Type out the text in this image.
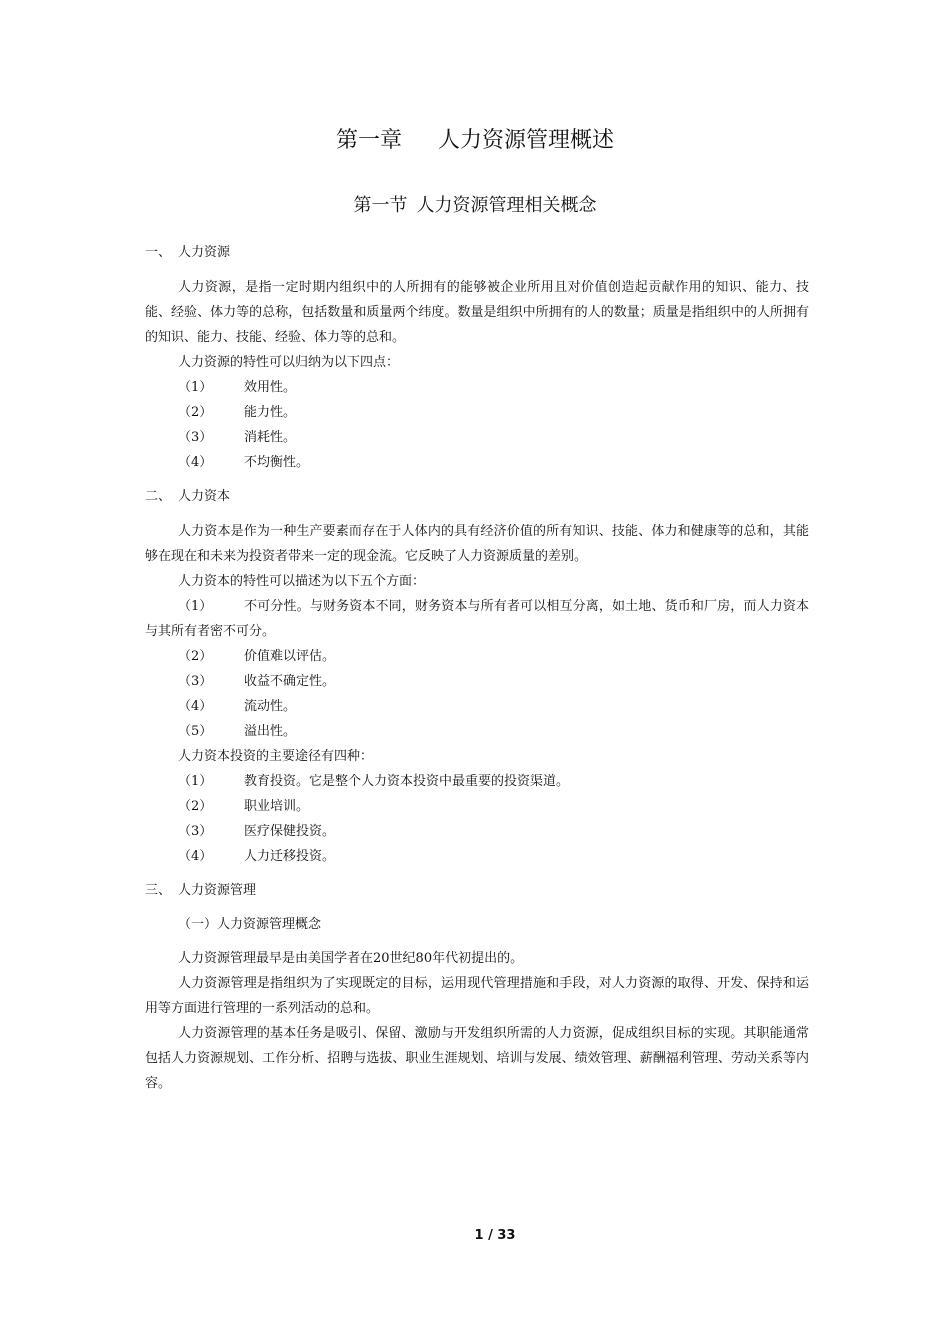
第一章 人力资源管理概述
第一节 人力资源管理相关概念

一、 人力资源

人力资源，是指一定时期内组织中的人所拥有的能够被企业所用且对价值创造起贡献作用的知识、能力、技能、经验、体力等的总称，包括数量和质量两个纬度。数量是组织中所拥有的人的数量；质量是指组织中的人所拥有的知识、能力、技能、经验、体力等的总和。

人力资源的特性可以归纳为以下四点：

（1） 效用性。

（2） 能力性。

（3） 消耗性。

（4） 不均衡性。

二、 人力资本

人力资本是作为一种生产要素而存在于人体内的具有经济价值的所有知识、技能、体力和健康等的总和，其能够在现在和未来为投资者带来一定的现金流。它反映了人力资源质量的差别。

人力资本的特性可以描述为以下五个方面：

（1） 不可分性。与财务资本不同，财务资本与所有者可以相互分离，如土地、货币和厂房，而人力资本与其所有者密不可分。

（2） 价值难以评估。

（3） 收益不确定性。

（4） 流动性。

（5） 溢出性。

人力资本投资的主要途径有四种：

（1） 教育投资。它是整个人力资本投资中最重要的投资渠道。

（2） 职业培训。

（3） 医疗保健投资。

（4） 人力迁移投资。

三、 人力资源管理

（一）人力资源管理概念

人力资源管理最早是由美国学者在20世纪80年代初提出的。

人力资源管理是指组织为了实现既定的目标，运用现代管理措施和手段，对人力资源的取得、开发、保持和运用等方面进行管理的一系列活动的总和。

人力资源管理的基本任务是吸引、保留、激励与开发组织所需的人力资源，促成组织目标的实现。其职能通常包括人力资源规划、工作分析、招聘与选拔、职业生涯规划、培训与发展、绩效管理、薪酬福利管理、劳动关系等内容。

1 / 33
